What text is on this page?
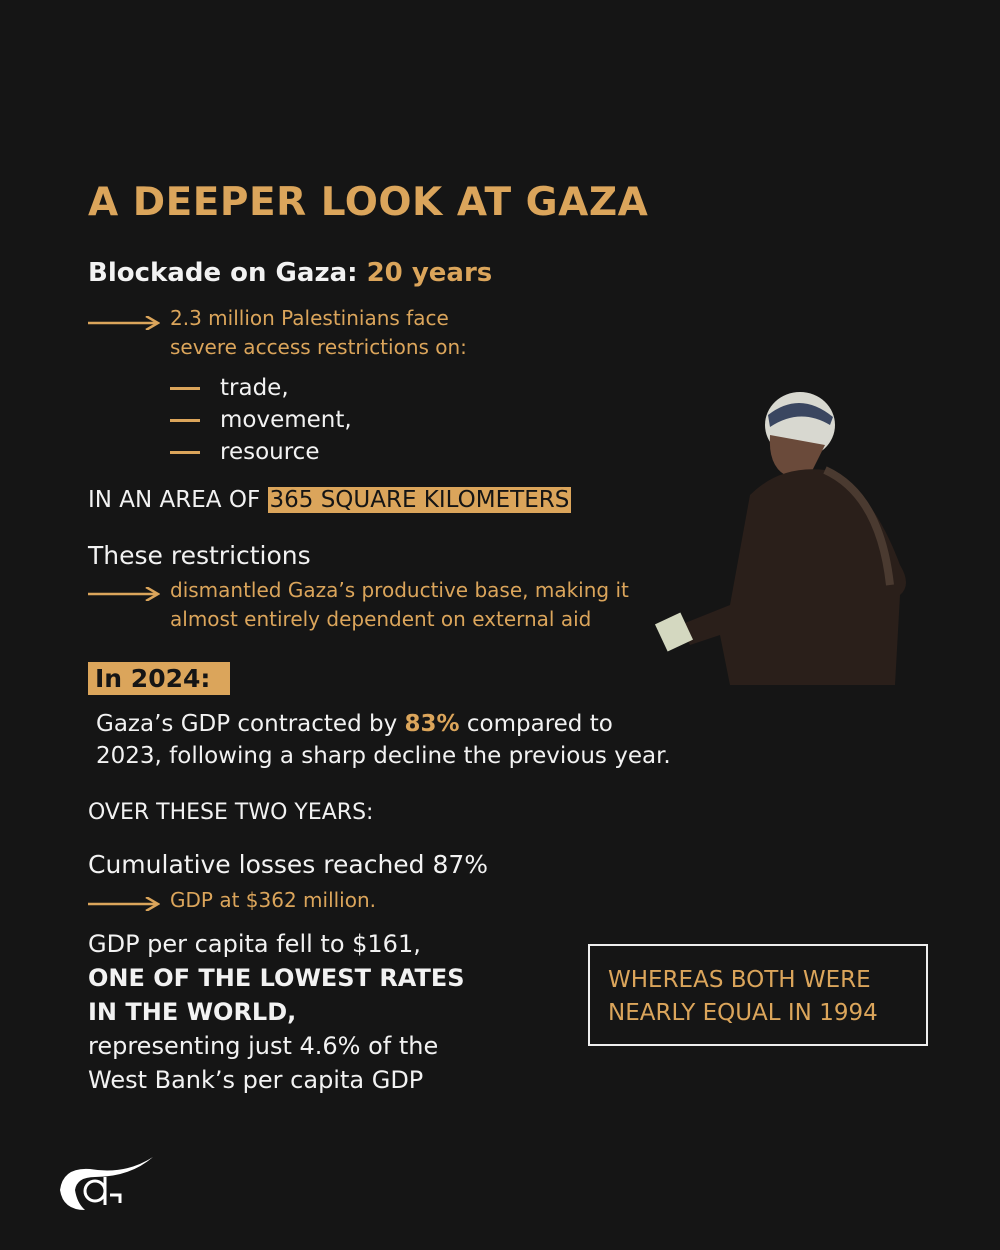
A DEEPER LOOK AT GAZA
Blockade on Gaza: 20 years
2.3 million Palestinians face
severe access restrictions on:
trade,
movement,
resource
IN AN AREA OF 365 SQUARE KILOMETERS
These restrictions
dismantled Gaza’s productive base, making it
almost entirely dependent on external aid
In 2024:
Gaza’s GDP contracted by 83% compared to
2023, following a sharp decline the previous year.
OVER THESE TWO YEARS:
Cumulative losses reached 87%
GDP at $362 million.
GDP per capita fell to $161,
ONE OF THE LOWEST RATES
IN THE WORLD,
representing just 4.6% of the
West Bank’s per capita GDP
WHEREAS BOTH WERE
NEARLY EQUAL IN 1994
